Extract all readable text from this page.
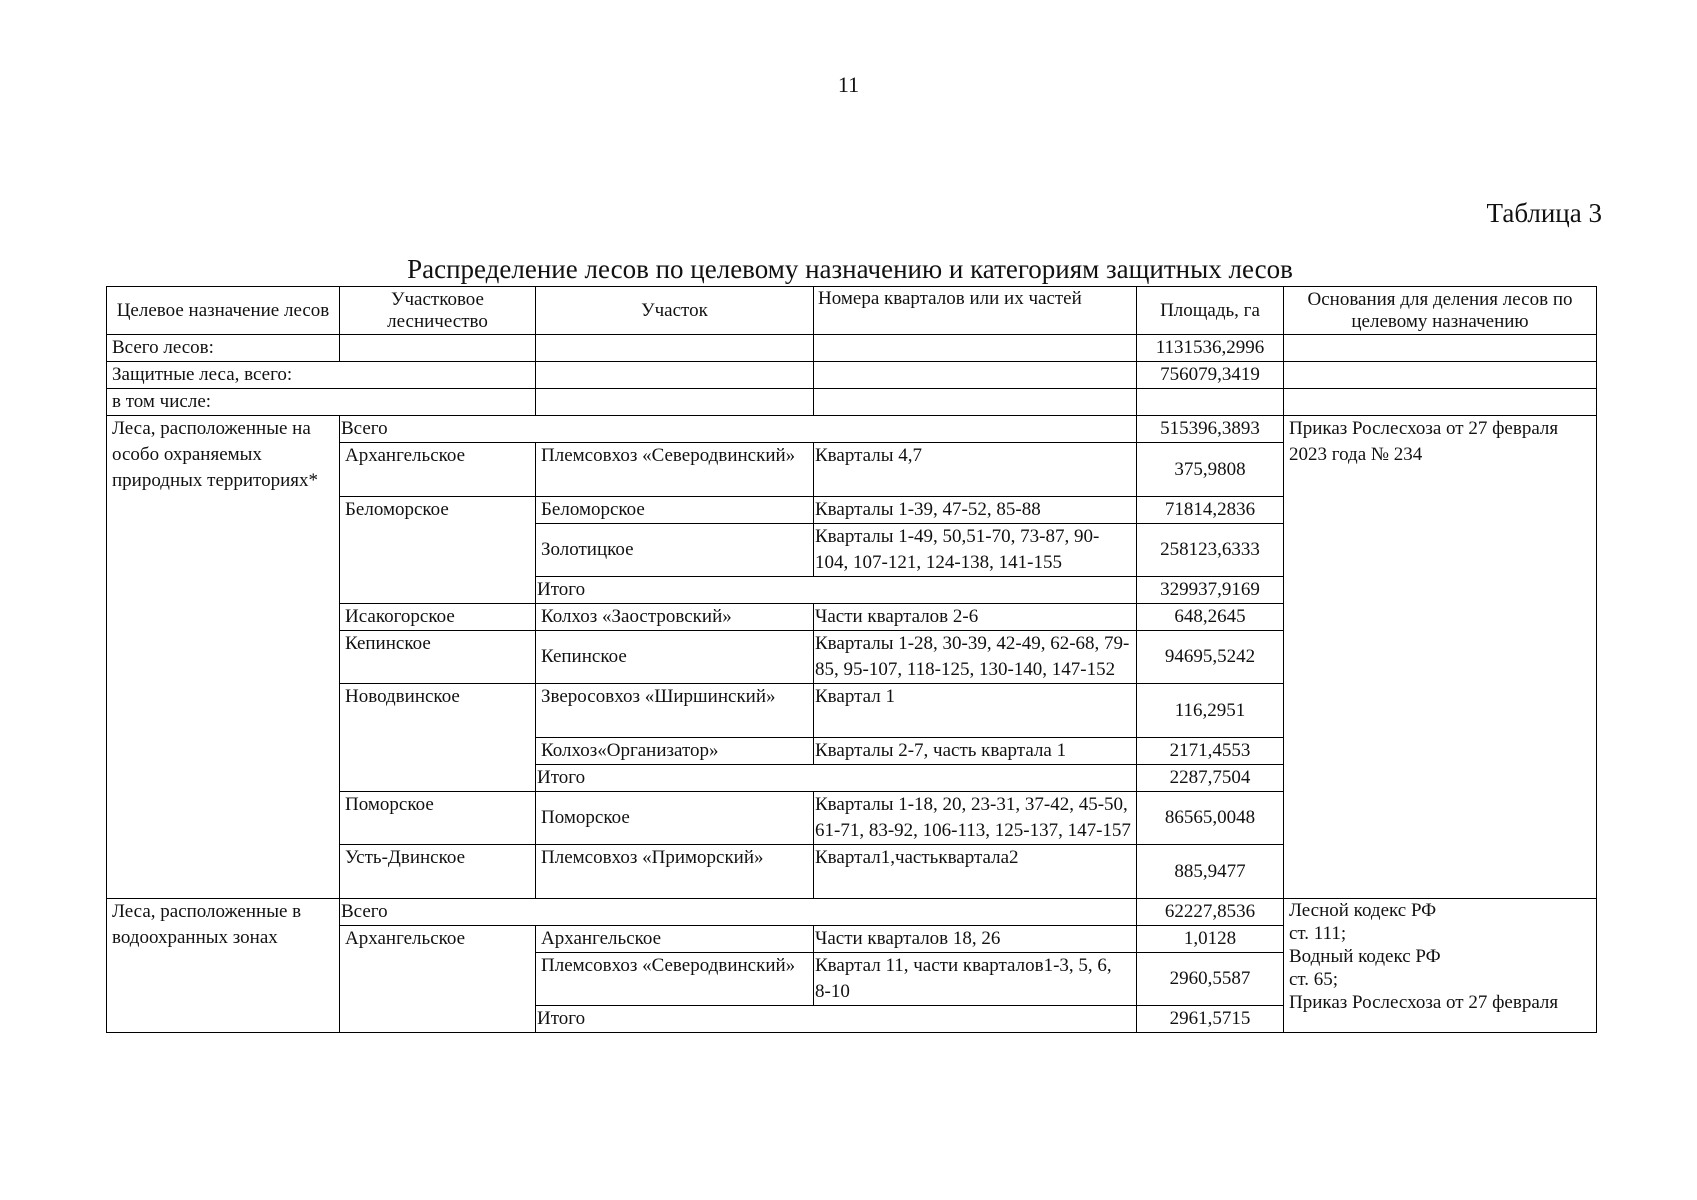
11
Таблица 3
Распределение лесов по целевому назначению и категориям защитных лесов
Целевое назначение лесов	Участковое лесничество	Участок	Номера кварталов или их частей	Площадь, га	Основания для деления лесов по целевому назначению
Всего лесов:				1131536,2996	
Защитные леса, всего:				756079,3419	
в том числе:					
Леса, расположенные на особо охраняемых природных территориях*	Всего			515396,3893	Приказ Рослесхоза от 27 февраля 2023 года № 234
	Архангельское	Племсовхоз «Северодвинский»	Кварталы 4,7	375,9808	
	Беломорское	Беломорское	Кварталы 1-39, 47-52, 85-88	71814,2836	
		Золотицкое	Кварталы 1-49, 50,51-70, 73-87, 90-104, 107-121, 124-138, 141-155	258123,6333	
		Итого		329937,9169	
	Исакогорское	Колхоз «Заостровский»	Части кварталов 2-6	648,2645	
	Кепинское	Кепинское	Кварталы 1-28, 30-39, 42-49, 62-68, 79-85, 95-107, 118-125, 130-140, 147-152	94695,5242	
	Новодвинское	Зверосовхоз «Ширшинский»	Квартал 1	116,2951	
		Колхоз«Организатор»	Кварталы 2-7, часть квартала 1	2171,4553	
		Итого		2287,7504	
	Поморское	Поморское	Кварталы 1-18, 20, 23-31, 37-42, 45-50, 61-71, 83-92, 106-113, 125-137, 147-157	86565,0048	
	Усть-Двинское	Племсовхоз «Приморский»	Квартал1,частьквартала2	885,9477	
Леса, расположенные в водоохранных зонах	Всего			62227,8536	Лесной кодекс РФ
ст. 111;
Водный кодекс РФ
ст. 65;
Приказ Рослесхоза от 27 февраля

	Архангельское	Архангельское	Части кварталов 18, 26	1,0128	
		Племсовхоз «Северодвинский»	Квартал 11, части кварталов1-3, 5, 6, 8-10	2960,5587	
		Итого		2961,5715	
